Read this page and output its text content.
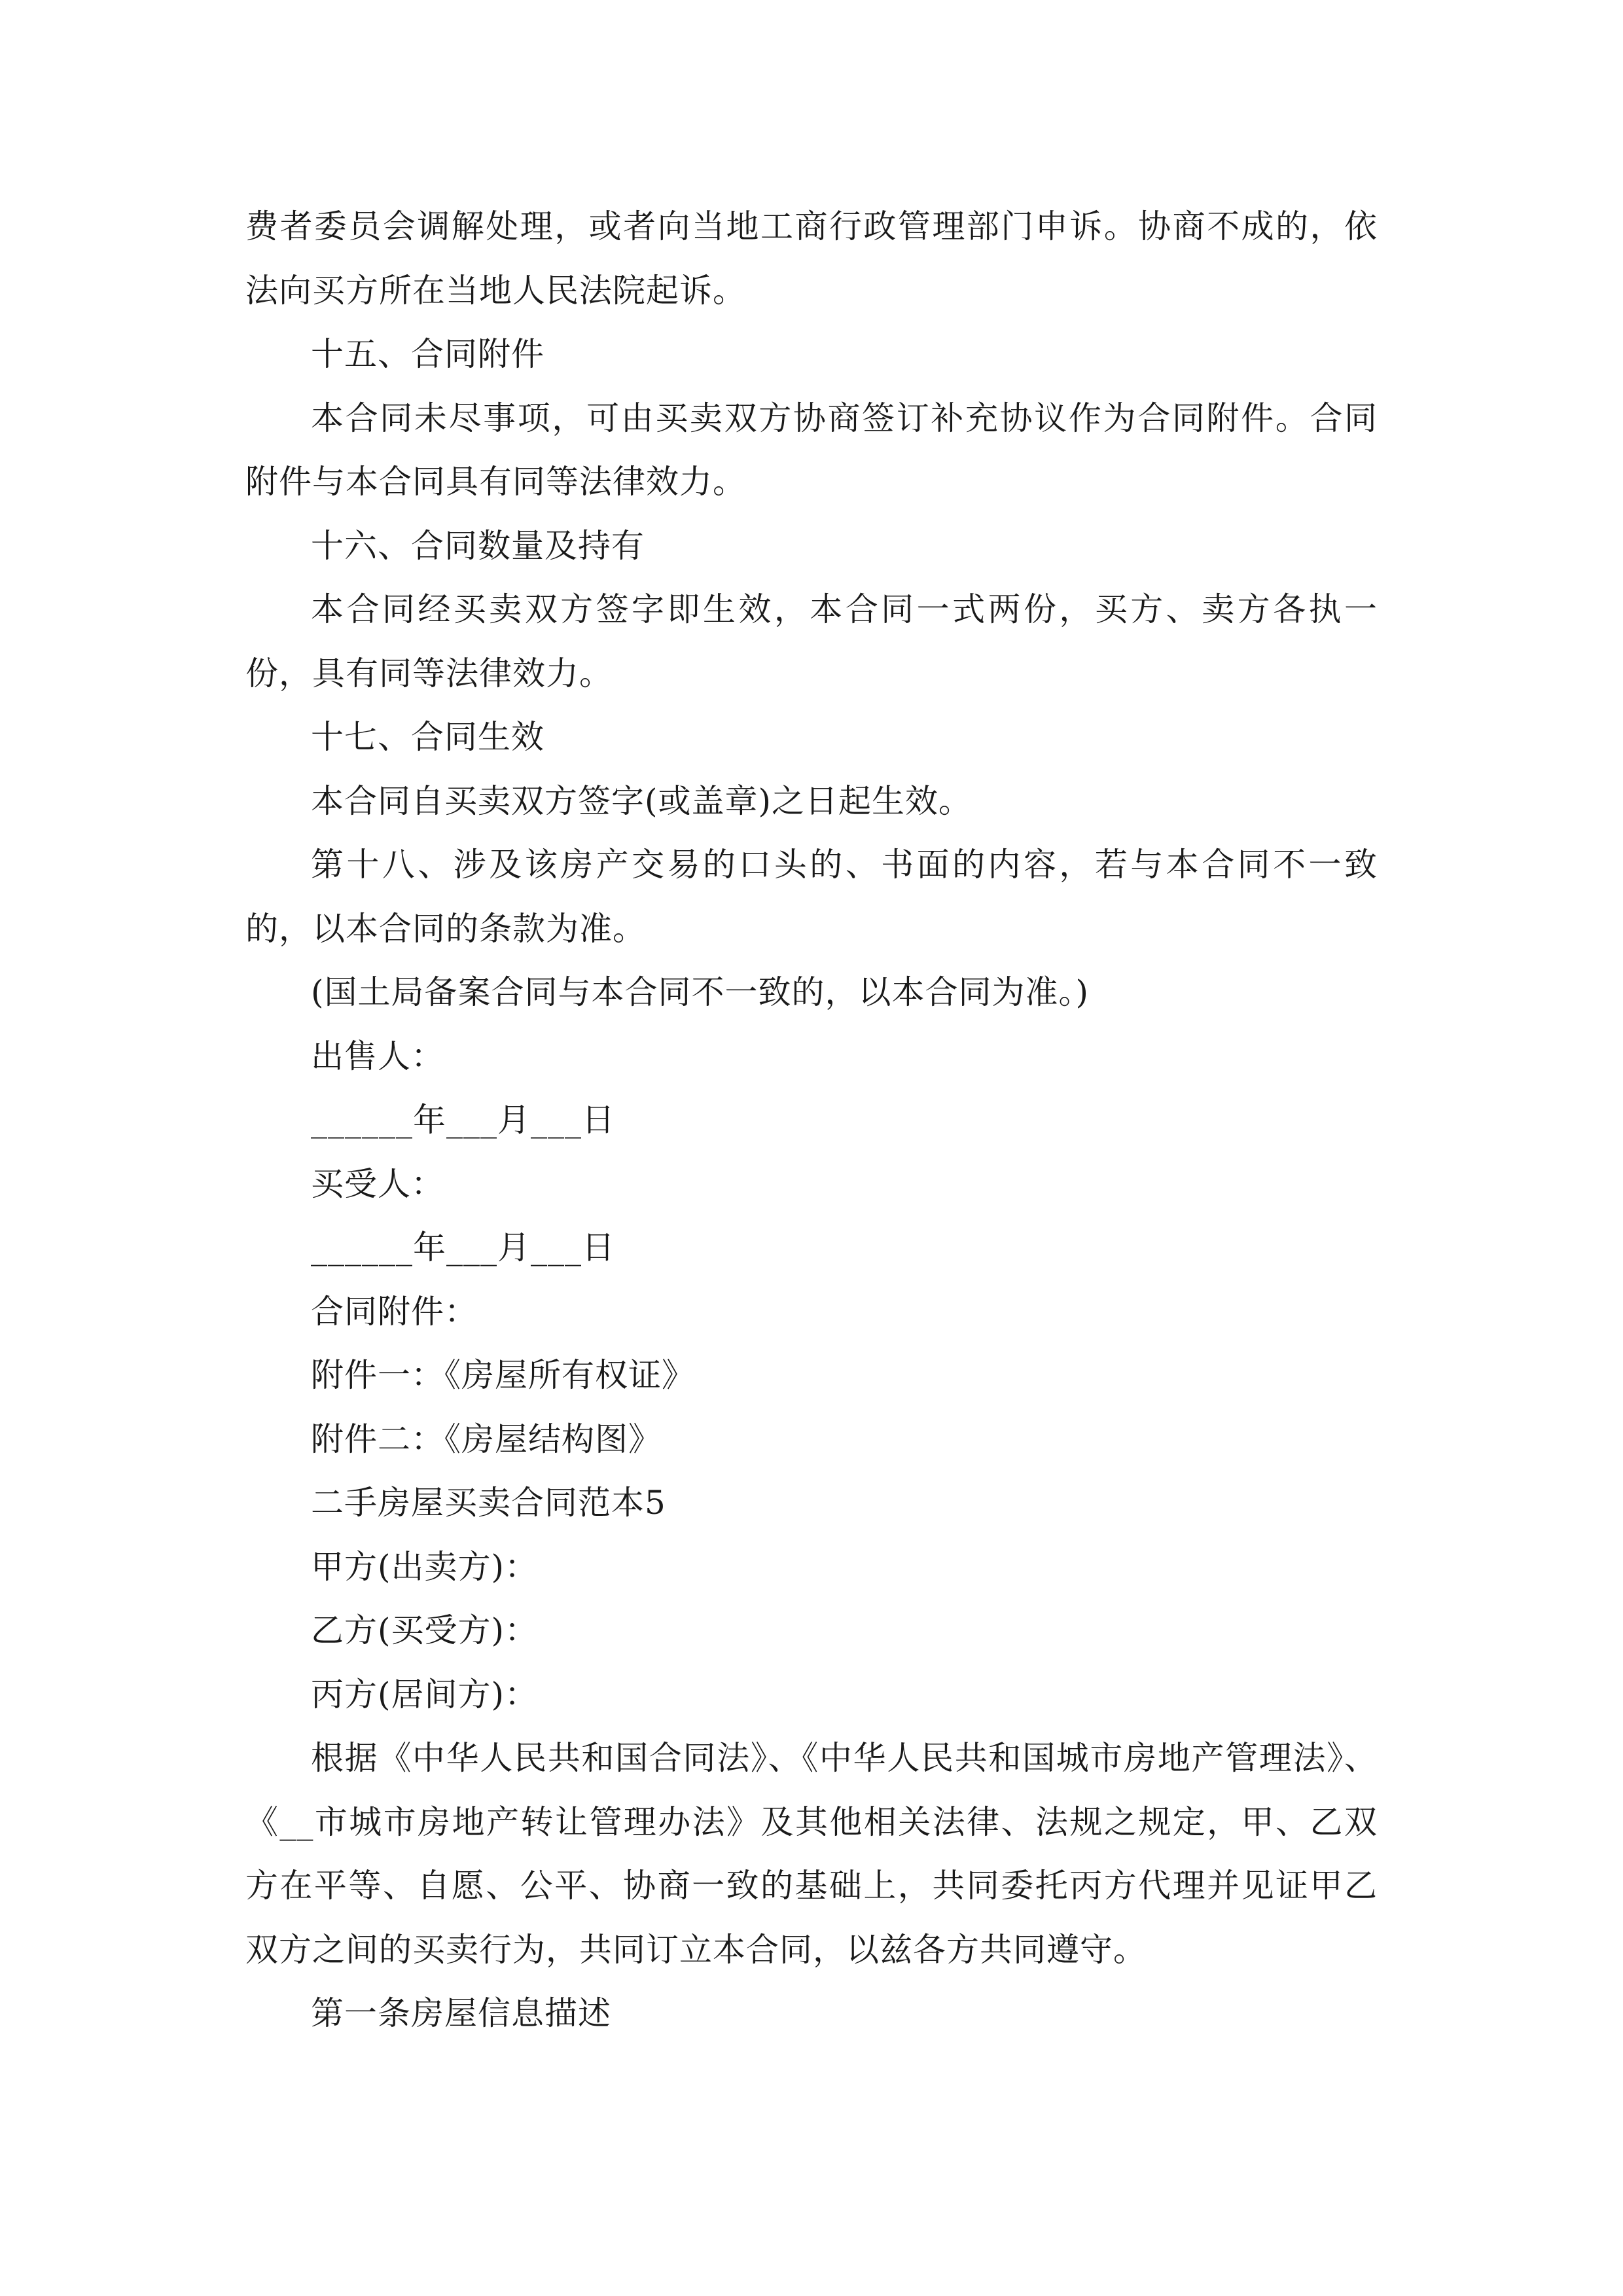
费者委员会调解处理，或者向当地工商行政管理部门申诉。协商不成的，依法向买方所在当地人民法院起诉。

十五、合同附件

本合同未尽事项，可由买卖双方协商签订补充协议作为合同附件。合同附件与本合同具有同等法律效力。

十六、合同数量及持有

本合同经买卖双方签字即生效，本合同一式两份，买方、卖方各执一份，具有同等法律效力。

十七、合同生效

本合同自买卖双方签字(或盖章)之日起生效。

第十八、涉及该房产交易的口头的、书面的内容，若与本合同不一致的，以本合同的条款为准。

(国土局备案合同与本合同不一致的，以本合同为准。)

出售人：

______年___月___日

买受人：

______年___月___日

合同附件：

附件一：《房屋所有权证》

附件二：《房屋结构图》

二手房屋买卖合同范本5

甲方(出卖方)：

乙方(买受方)：

丙方(居间方)：

根据《中华人民共和国合同法》、《中华人民共和国城市房地产管理法》、《__市城市房地产转让管理办法》及其他相关法律、法规之规定，甲、乙双方在平等、自愿、公平、协商一致的基础上，共同委托丙方代理并见证甲乙双方之间的买卖行为，共同订立本合同，以兹各方共同遵守。

第一条房屋信息描述
